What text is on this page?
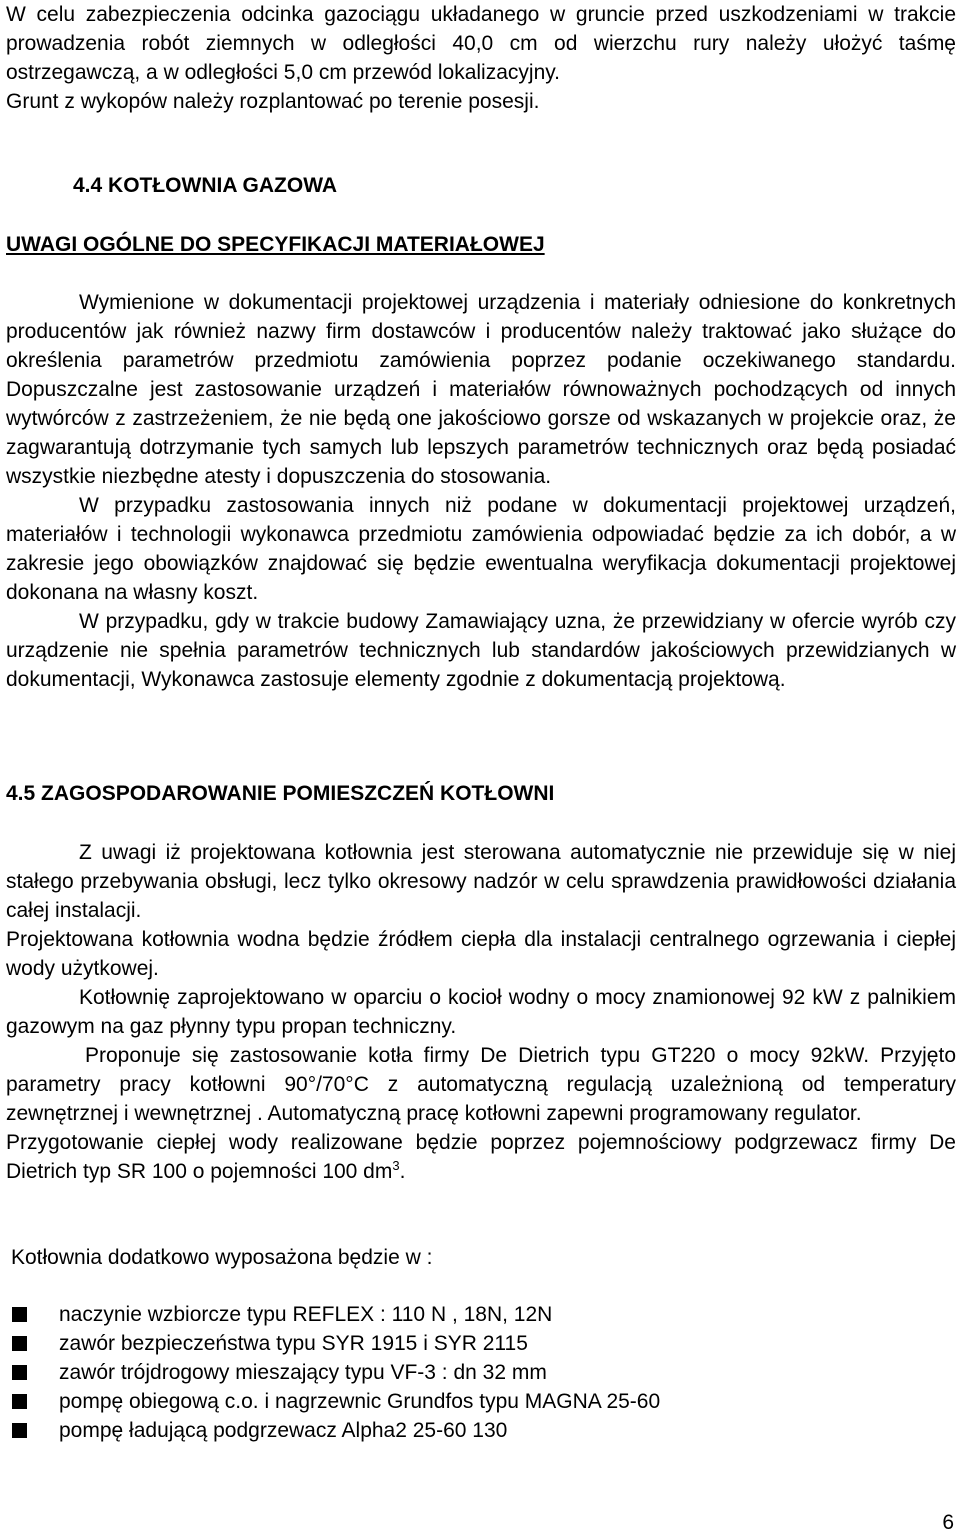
W celu zabezpieczenia odcinka gazociągu układanego w gruncie przed uszkodzeniami w trakcie prowadzenia robót ziemnych w odległości 40,0 cm od wierzchu rury należy ułożyć taśmę ostrzegawczą, a w odległości 5,0 cm przewód lokalizacyjny.

Grunt z wykopów należy rozplantować po terenie posesji.

4.4 KOTŁOWNIA GAZOWA
UWAGI OGÓLNE DO SPECYFIKACJI MATERIAŁOWEJ

Wymienione w dokumentacji projektowej urządzenia i materiały odniesione do konkretnych producentów jak również nazwy firm dostawców i producentów należy traktować jako służące do określenia parametrów przedmiotu zamówienia poprzez podanie oczekiwanego standardu. Dopuszczalne jest zastosowanie urządzeń i materiałów równoważnych pochodzących od innych wytwórców z zastrzeżeniem, że nie będą one jakościowo gorsze od wskazanych w projekcie oraz, że zagwarantują dotrzymanie tych samych lub lepszych parametrów technicznych oraz będą posiadać wszystkie niezbędne atesty i dopuszczenia do stosowania.

W przypadku zastosowania innych niż podane w dokumentacji projektowej urządzeń, materiałów i technologii wykonawca przedmiotu zamówienia odpowiadać będzie za ich dobór, a w zakresie jego obowiązków znajdować się będzie ewentualna weryfikacja dokumentacji projektowej dokonana na własny koszt.

W przypadku, gdy w trakcie budowy Zamawiający uzna, że przewidziany w ofercie wyrób czy urządzenie nie spełnia parametrów technicznych lub standardów jakościowych przewidzianych w dokumentacji, Wykonawca zastosuje elementy zgodnie z dokumentacją projektową.

4.5 ZAGOSPODAROWANIE POMIESZCZEŃ KOTŁOWNI

Z uwagi iż projektowana kotłownia jest sterowana automatycznie nie przewiduje się w niej stałego przebywania obsługi, lecz tylko okresowy nadzór w celu sprawdzenia prawidłowości działania całej instalacji.

Projektowana kotłownia wodna będzie źródłem ciepła dla instalacji centralnego ogrzewania i ciepłej wody użytkowej.

Kotłownię zaprojektowano w oparciu o kocioł wodny o mocy znamionowej 92 kW z palnikiem gazowym na gaz płynny typu propan techniczny.

Proponuje się zastosowanie kotła firmy De Dietrich typu GT220 o mocy 92kW. Przyjęto parametry pracy kotłowni 90°/70°C z automatyczną regulacją uzależnioną od temperatury zewnętrznej i wewnętrznej . Automatyczną pracę kotłowni zapewni programowany regulator.

Przygotowanie ciepłej wody realizowane będzie poprzez pojemnościowy podgrzewacz firmy De Dietrich typ SR 100 o pojemności 100 $dm^3$.

Kotłownia dodatkowo wyposażona będzie w :

naczynie wzbiorcze typu REFLEX : 110 N , 18N, 12N
zawór bezpieczeństwa typu SYR 1915 i SYR 2115
zawór trójdrogowy mieszający typu VF-3 : dn 32 mm
pompę obiegową c.o. i nagrzewnic Grundfos typu MAGNA 25-60
pompę ładującą podgrzewacz Alpha2 25-60 130
6
